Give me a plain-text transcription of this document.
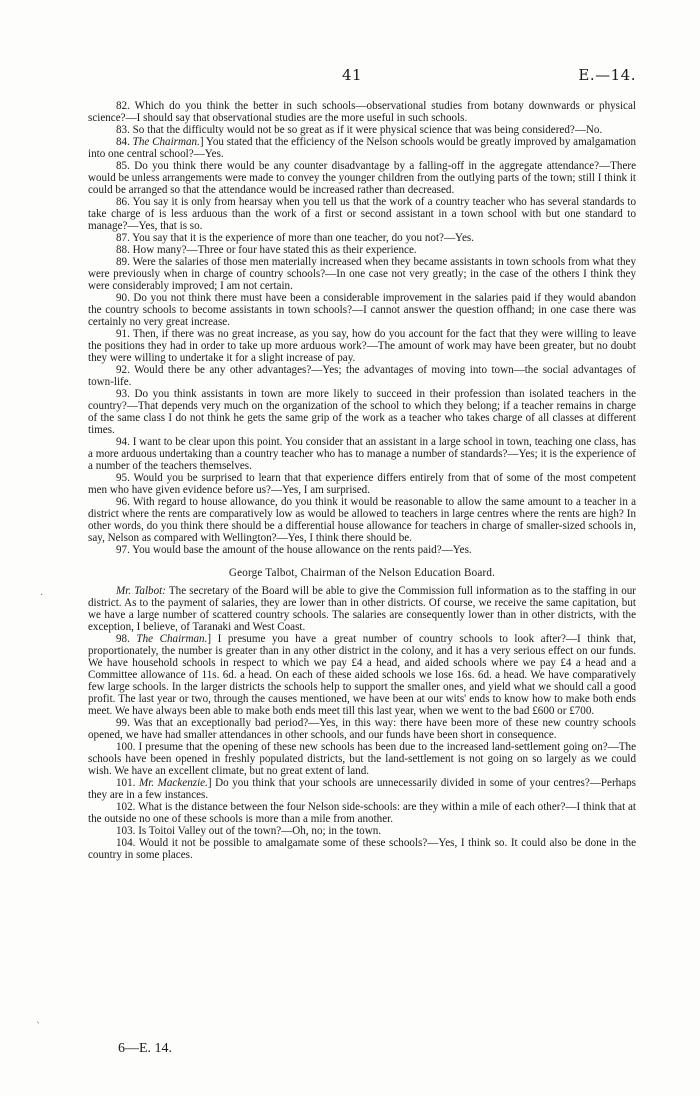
41	E.—14.

82. Which do you think the better in such schools—observational studies from botany downwards or physical science?—I should say that observational studies are the more useful in such schools.

83. So that the difficulty would not be so great as if it were physical science that was being considered?—No.

84. The Chairman.] You stated that the efficiency of the Nelson schools would be greatly improved by amalgamation into one central school?—Yes.

85. Do you think there would be any counter disadvantage by a falling-off in the aggregate attendance?—There would be unless arrangements were made to convey the younger children from the outlying parts of the town; still I think it could be arranged so that the attendance would be increased rather than decreased.

86. You say it is only from hearsay when you tell us that the work of a country teacher who has several standards to take charge of is less arduous than the work of a first or second assistant in a town school with but one standard to manage?—Yes, that is so.

87. You say that it is the experience of more than one teacher, do you not?—Yes.

88. How many?—Three or four have stated this as their experience.

89. Were the salaries of those men materially increased when they became assistants in town schools from what they were previously when in charge of country schools?—In one case not very greatly; in the case of the others I think they were considerably improved; I am not certain.

90. Do you not think there must have been a considerable improvement in the salaries paid if they would abandon the country schools to become assistants in town schools?—I cannot answer the question offhand; in one case there was certainly no very great increase.

91. Then, if there was no great increase, as you say, how do you account for the fact that they were willing to leave the positions they had in order to take up more arduous work?—The amount of work may have been greater, but no doubt they were willing to undertake it for a slight increase of pay.

92. Would there be any other advantages?—Yes; the advantages of moving into town—the social advantages of town-life.

93. Do you think assistants in town are more likely to succeed in their profession than isolated teachers in the country?—That depends very much on the organization of the school to which they belong; if a teacher remains in charge of the same class I do not think he gets the same grip of the work as a teacher who takes charge of all classes at different times.

94. I want to be clear upon this point. You consider that an assistant in a large school in town, teaching one class, has a more arduous undertaking than a country teacher who has to manage a number of standards?—Yes; it is the experience of a number of the teachers themselves.

95. Would you be surprised to learn that that experience differs entirely from that of some of the most competent men who have given evidence before us?—Yes, I am surprised.

96. With regard to house allowance, do you think it would be reasonable to allow the same amount to a teacher in a district where the rents are comparatively low as would be allowed to teachers in large centres where the rents are high? In other words, do you think there should be a differential house allowance for teachers in charge of smaller-sized schools in, say, Nelson as compared with Wellington?—Yes, I think there should be.

97. You would base the amount of the house allowance on the rents paid?—Yes.

George Talbot, Chairman of the Nelson Education Board.

Mr. Talbot: The secretary of the Board will be able to give the Commission full information as to the staffing in our district. As to the payment of salaries, they are lower than in other districts. Of course, we receive the same capitation, but we have a large number of scattered country schools. The salaries are consequently lower than in other districts, with the exception, I believe, of Taranaki and West Coast.

98. The Chairman.] I presume you have a great number of country schools to look after?—I think that, proportionately, the number is greater than in any other district in the colony, and it has a very serious effect on our funds. We have household schools in respect to which we pay £4 a head, and aided schools where we pay £4 a head and a Committee allowance of 11s. 6d. a head. On each of these aided schools we lose 16s. 6d. a head. We have comparatively few large schools. In the larger districts the schools help to support the smaller ones, and yield what we should call a good profit. The last year or two, through the causes mentioned, we have been at our wits' ends to know how to make both ends meet. We have always been able to make both ends meet till this last year, when we went to the bad £600 or £700.

99. Was that an exceptionally bad period?—Yes, in this way: there have been more of these new country schools opened, we have had smaller attendances in other schools, and our funds have been short in consequence.

100. I presume that the opening of these new schools has been due to the increased land-settlement going on?—The schools have been opened in freshly populated districts, but the land-settlement is not going on so largely as we could wish. We have an excellent climate, but no great extent of land.

101. Mr. Mackenzie.] Do you think that your schools are unnecessarily divided in some of your centres?—Perhaps they are in a few instances.

102. What is the distance between the four Nelson side-schools: are they within a mile of each other?—I think that at the outside no one of these schools is more than a mile from another.

103. Is Toitoi Valley out of the town?—Oh, no; in the town.

104. Would it not be possible to amalgamate some of these schools?—Yes, I think so. It could also be done in the country in some places.

6—E. 14.
·
`
